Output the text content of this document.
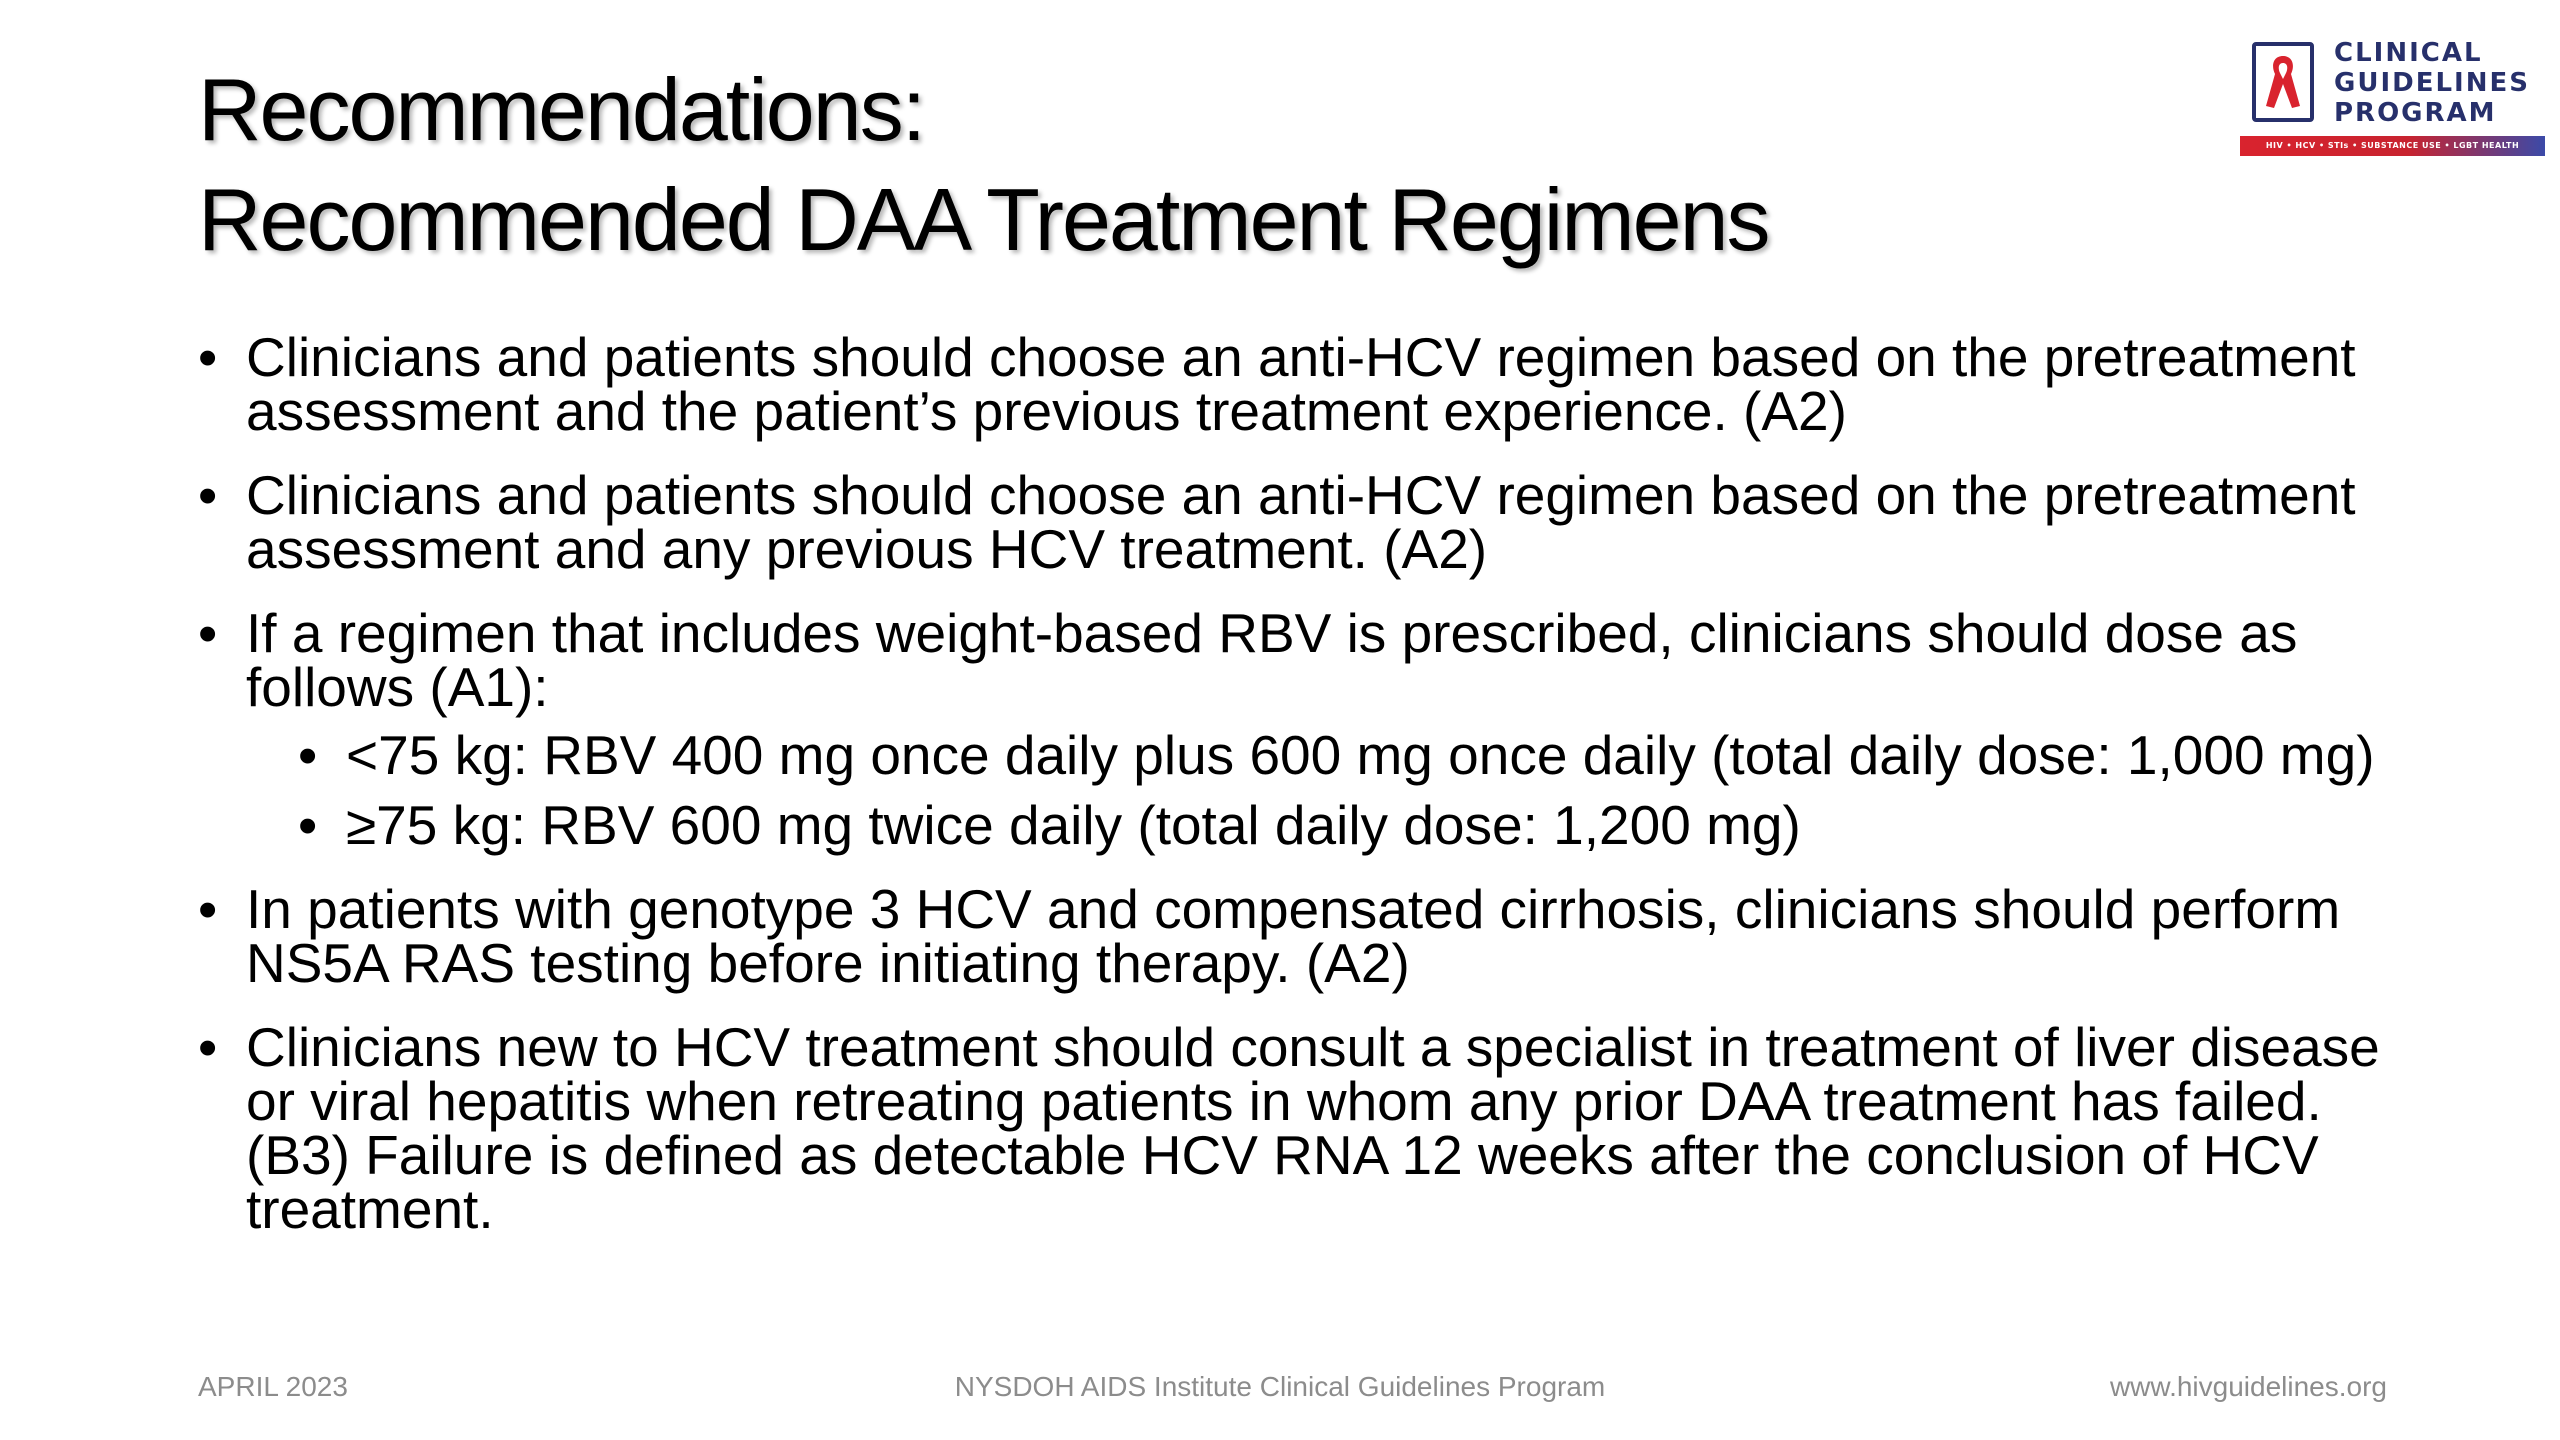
Recommendations:
Recommended DAA Treatment Regimens
CLINICAL
GUIDELINES
PROGRAM
HIV • HCV • STIs • SUBSTANCE USE • LGBT HEALTH
• Clinicians and patients should choose an anti-HCV regimen based on the pretreatment assessment and the patient’s previous treatment experience. (A2)
• Clinicians and patients should choose an anti-HCV regimen based on the pretreatment assessment and any previous HCV treatment. (A2)
• If a regimen that includes weight-based RBV is prescribed, clinicians should dose as follows (A1):
• <75 kg: RBV 400 mg once daily plus 600 mg once daily (total daily dose: 1,000 mg)
• ≥75 kg: RBV 600 mg twice daily (total daily dose: 1,200 mg)
• In patients with genotype 3 HCV and compensated cirrhosis, clinicians should perform NS5A RAS testing before initiating therapy. (A2)
• Clinicians new to HCV treatment should consult a specialist in treatment of liver disease or viral hepatitis when retreating patients in whom any prior DAA treatment has failed. (B3) Failure is defined as detectable HCV RNA 12 weeks after the conclusion of HCV treatment.
APRIL 2023	NYSDOH AIDS Institute Clinical Guidelines Program	www.hivguidelines.org
